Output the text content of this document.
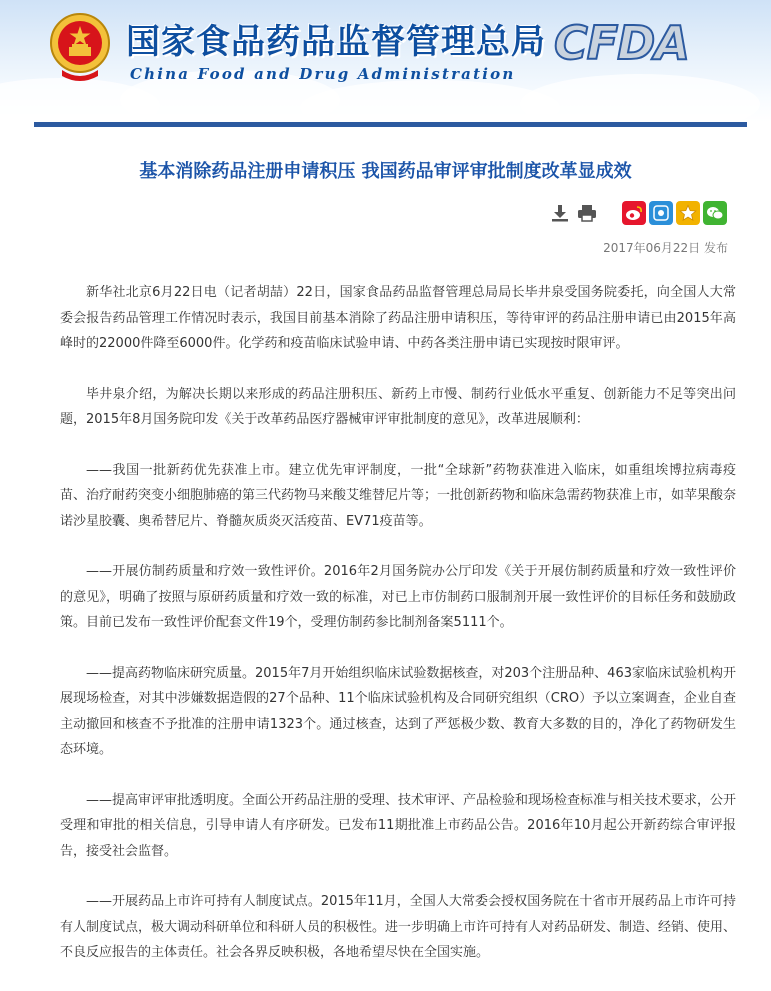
国家食品药品监督管理总局
China Food and Drug Administration
CFDA
基本消除药品注册申请积压 我国药品审评审批制度改革显成效
2017年06月22日 发布

新华社北京6月22日电（记者胡喆）22日，国家食品药品监督管理总局局长毕井泉受国务院委托，向全国人大常委会报告药品管理工作情况时表示，我国目前基本消除了药品注册申请积压，等待审评的药品注册申请已由2015年高峰时的22000件降至6000件。化学药和疫苗临床试验申请、中药各类注册申请已实现按时限审评。

毕井泉介绍，为解决长期以来形成的药品注册积压、新药上市慢、制药行业低水平重复、创新能力不足等突出问题，2015年8月国务院印发《关于改革药品医疗器械审评审批制度的意见》，改革进展顺利：

——我国一批新药优先获准上市。建立优先审评制度，一批“全球新”药物获准进入临床，如重组埃博拉病毒疫苗、治疗耐药突变小细胞肺癌的第三代药物马来酸艾维替尼片等；一批创新药物和临床急需药物获准上市，如苹果酸奈诺沙星胶囊、奥希替尼片、脊髓灰质炎灭活疫苗、EV71疫苗等。

——开展仿制药质量和疗效一致性评价。2016年2月国务院办公厅印发《关于开展仿制药质量和疗效一致性评价的意见》，明确了按照与原研药质量和疗效一致的标准，对已上市仿制药口服制剂开展一致性评价的目标任务和鼓励政策。目前已发布一致性评价配套文件19个，受理仿制药参比制剂备案5111个。

——提高药物临床研究质量。2015年7月开始组织临床试验数据核查，对203个注册品种、463家临床试验机构开展现场检查，对其中涉嫌数据造假的27个品种、11个临床试验机构及合同研究组织（CRO）予以立案调查，企业自查主动撤回和核查不予批准的注册申请1323个。通过核查，达到了严惩极少数、教育大多数的目的，净化了药物研发生态环境。

——提高审评审批透明度。全面公开药品注册的受理、技术审评、产品检验和现场检查标准与相关技术要求，公开受理和审批的相关信息，引导申请人有序研发。已发布11期批准上市药品公告。2016年10月起公开新药综合审评报告，接受社会监督。

——开展药品上市许可持有人制度试点。2015年11月，全国人大常委会授权国务院在十省市开展药品上市许可持有人制度试点，极大调动科研单位和科研人员的积极性。进一步明确上市许可持有人对药品研发、制造、经销、使用、不良反应报告的主体责任。社会各界反映积极，各地希望尽快在全国实施。
